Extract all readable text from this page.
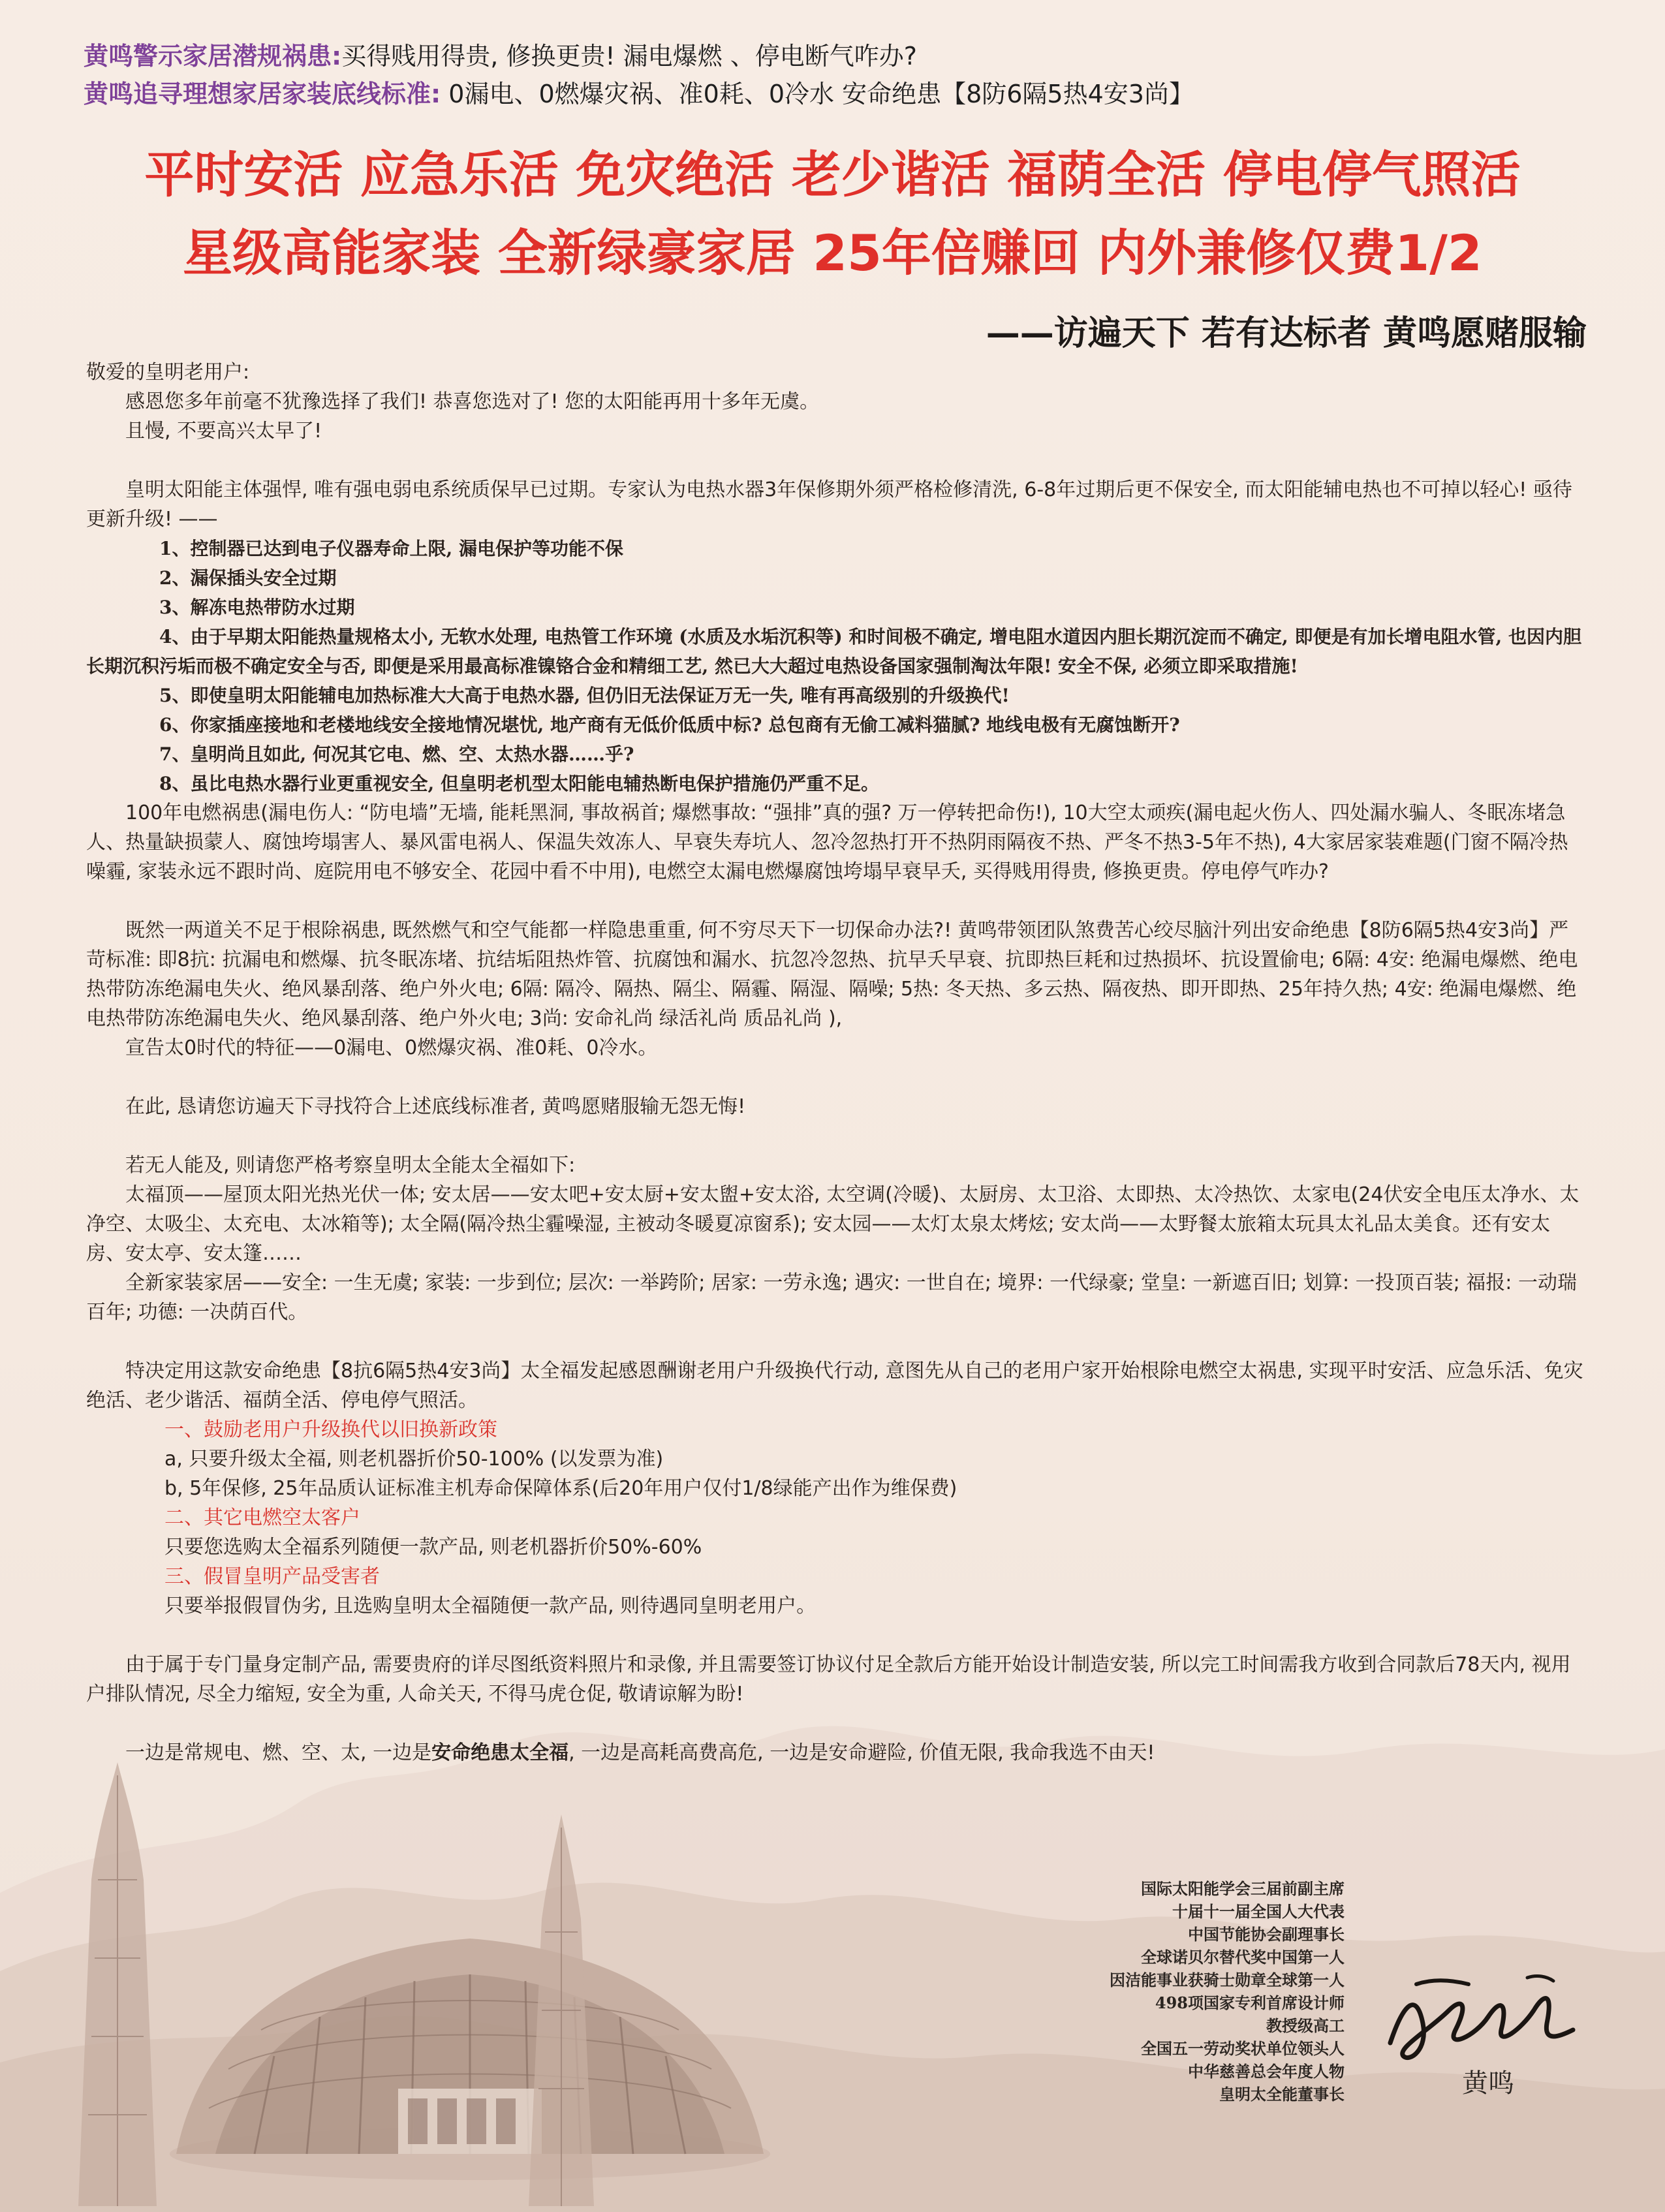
黄鸣警示家居潜规祸患:买得贱用得贵, 修换更贵! 漏电爆燃 、停电断气咋办?
黄鸣追寻理想家居家装底线标准: 0漏电、0燃爆灾祸、准0耗、0冷水 安命绝患【8防6隔5热4安3尚】
平时安活 应急乐活 免灾绝活 老少谐活 福荫全活 停电停气照活
星级高能家装 全新绿豪家居 25年倍赚回 内外兼修仅费1/2
——访遍天下 若有达标者 黄鸣愿赌服输

敬爱的皇明老用户:

感恩您多年前毫不犹豫选择了我们! 恭喜您选对了! 您的太阳能再用十多年无虞。

且慢, 不要高兴太早了!

皇明太阳能主体强悍, 唯有强电弱电系统质保早已过期。专家认为电热水器3年保修期外须严格检修清洗, 6-8年过期后更不保安全, 而太阳能辅电热也不可掉以轻心! 亟待更新升级! ——

1、控制器已达到电子仪器寿命上限, 漏电保护等功能不保

2、漏保插头安全过期

3、解冻电热带防水过期

4、由于早期太阳能热量规格太小, 无软水处理, 电热管工作环境 (水质及水垢沉积等) 和时间极不确定, 增电阻水道因内胆长期沉淀而不确定, 即便是有加长增电阻水管, 也因内胆长期沉积污垢而极不确定安全与否, 即便是采用最高标准镍铬合金和精细工艺, 然已大大超过电热设备国家强制淘汰年限! 安全不保, 必须立即采取措施!

5、即使皇明太阳能辅电加热标准大大高于电热水器, 但仍旧无法保证万无一失, 唯有再高级别的升级换代!

6、你家插座接地和老楼地线安全接地情况堪忧, 地产商有无低价低质中标? 总包商有无偷工减料猫腻? 地线电极有无腐蚀断开?

7、皇明尚且如此, 何况其它电、燃、空、太热水器……乎?

8、虽比电热水器行业更重视安全, 但皇明老机型太阳能电辅热断电保护措施仍严重不足。

100年电燃祸患(漏电伤人: “防电墙”无墙, 能耗黑洞, 事故祸首; 爆燃事故: “强排”真的强? 万一停转把命伤!), 10大空太顽疾(漏电起火伤人、四处漏水骗人、冬眠冻堵急人、热量缺损蒙人、腐蚀垮塌害人、暴风雷电祸人、保温失效冻人、早衰失寿坑人、忽冷忽热打开不热阴雨隔夜不热、严冬不热3-5年不热), 4大家居家装难题(门窗不隔冷热噪霾, 家装永远不跟时尚、庭院用电不够安全、花园中看不中用), 电燃空太漏电燃爆腐蚀垮塌早衰早夭, 买得贱用得贵, 修换更贵。停电停气咋办?

既然一两道关不足于根除祸患, 既然燃气和空气能都一样隐患重重, 何不穷尽天下一切保命办法?! 黄鸣带领团队煞费苦心绞尽脑汁列出安命绝患【8防6隔5热4安3尚】严苛标准: 即8抗: 抗漏电和燃爆、抗冬眠冻堵、抗结垢阻热炸管、抗腐蚀和漏水、抗忽冷忽热、抗早夭早衰、抗即热巨耗和过热损坏、抗设置偷电; 6隔: 4安: 绝漏电爆燃、绝电热带防冻绝漏电失火、绝风暴刮落、绝户外火电; 6隔: 隔冷、隔热、隔尘、隔霾、隔湿、隔噪; 5热: 冬天热、多云热、隔夜热、即开即热、25年持久热; 4安: 绝漏电爆燃、绝电热带防冻绝漏电失火、绝风暴刮落、绝户外火电; 3尚: 安命礼尚 绿活礼尚 质品礼尚 ),

宣告太0时代的特征——0漏电、0燃爆灾祸、准0耗、0冷水。

在此, 恳请您访遍天下寻找符合上述底线标准者, 黄鸣愿赌服输无怨无悔!

若无人能及, 则请您严格考察皇明太全能太全福如下:

太福顶——屋顶太阳光热光伏一体; 安太居——安太吧+安太厨+安太盥+安太浴, 太空调(冷暖)、太厨房、太卫浴、太即热、太冷热饮、太家电(24伏安全电压太净水、太净空、太吸尘、太充电、太冰箱等); 太全隔(隔冷热尘霾噪湿, 主被动冬暖夏凉窗系); 安太园——太灯太泉太烤炫; 安太尚——太野餐太旅箱太玩具太礼品太美食。还有安太房、安太亭、安太篷……

全新家装家居——安全: 一生无虞; 家装: 一步到位; 层次: 一举跨阶; 居家: 一劳永逸; 遇灾: 一世自在; 境界: 一代绿豪; 堂皇: 一新遮百旧; 划算: 一投顶百装; 福报: 一动瑞百年; 功德: 一决荫百代。

特决定用这款安命绝患【8抗6隔5热4安3尚】太全福发起感恩酬谢老用户升级换代行动, 意图先从自己的老用户家开始根除电燃空太祸患, 实现平时安活、应急乐活、免灾绝活、老少谐活、福荫全活、停电停气照活。

一、鼓励老用户升级换代以旧换新政策

a, 只要升级太全福, 则老机器折价50-100% (以发票为准)

b, 5年保修, 25年品质认证标准主机寿命保障体系(后20年用户仅付1/8绿能产出作为维保费)

二、其它电燃空太客户

只要您选购太全福系列随便一款产品, 则老机器折价50%-60%

三、假冒皇明产品受害者

只要举报假冒伪劣, 且选购皇明太全福随便一款产品, 则待遇同皇明老用户。

由于属于专门量身定制产品, 需要贵府的详尽图纸资料照片和录像, 并且需要签订协议付足全款后方能开始设计制造安装, 所以完工时间需我方收到合同款后78天内, 视用户排队情况, 尽全力缩短, 安全为重, 人命关天, 不得马虎仓促, 敬请谅解为盼!

一边是常规电、燃、空、太, 一边是安命绝患太全福, 一边是高耗高费高危, 一边是安命避险, 价值无限, 我命我选不由天!

国际太阳能学会三届前副主席
十届十一届全国人大代表
中国节能协会副理事长
全球诺贝尔替代奖中国第一人
因洁能事业获骑士勋章全球第一人
498项国家专利首席设计师
教授级高工
全国五一劳动奖状单位领头人
中华慈善总会年度人物
皇明太全能董事长	黄鸣
